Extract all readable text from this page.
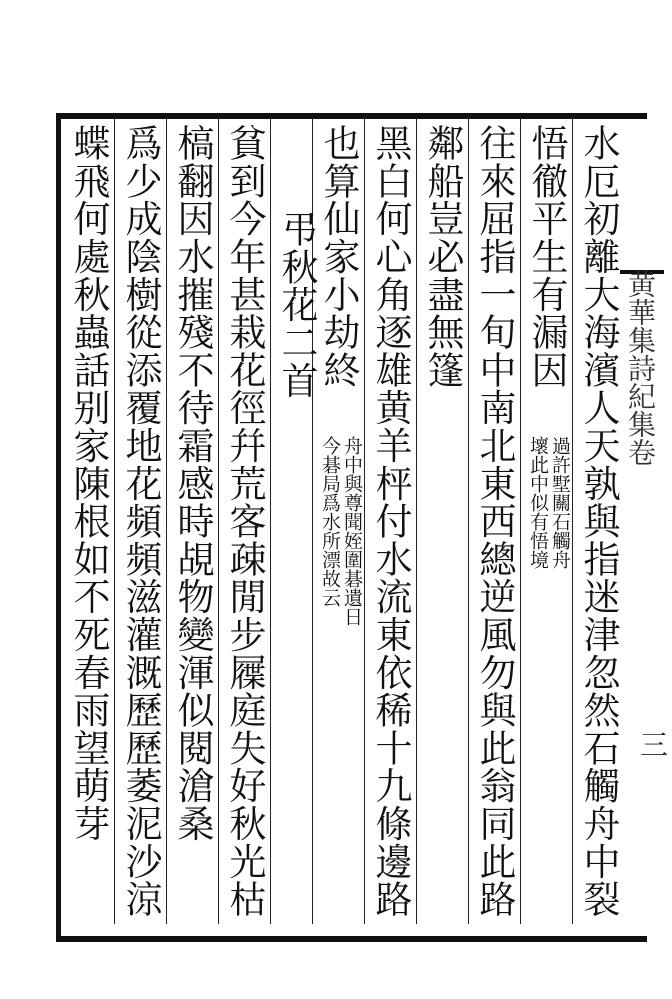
黄華集詩紀集卷
三
水厄初離大海濱人天孰與指迷津忽然石觸舟中裂
悟徹平生有漏因
過許墅關石觸舟
壞此中似有悟境
往來屈指一旬中南北東西總逆風勿與此翁同此路
鄰船豈必盡無篷
黑白何心角逐雄黄羊枰付水流東依稀十九條邊路
也算仙家小劫終
舟中與尊聞姪圍碁遺日
今碁局爲水所漂故云
弔秋花二首
貧到今年甚栽花徑幷荒客疎閒步屧庭失好秋光枯
槁翻因水摧殘不待霜感時覘物變渾似閱滄桑
爲少成陰樹從添覆地花頻頻滋灌溉歷歷萎泥沙涼
蝶飛何處秋蟲話别家陳根如不死春雨望萌芽
